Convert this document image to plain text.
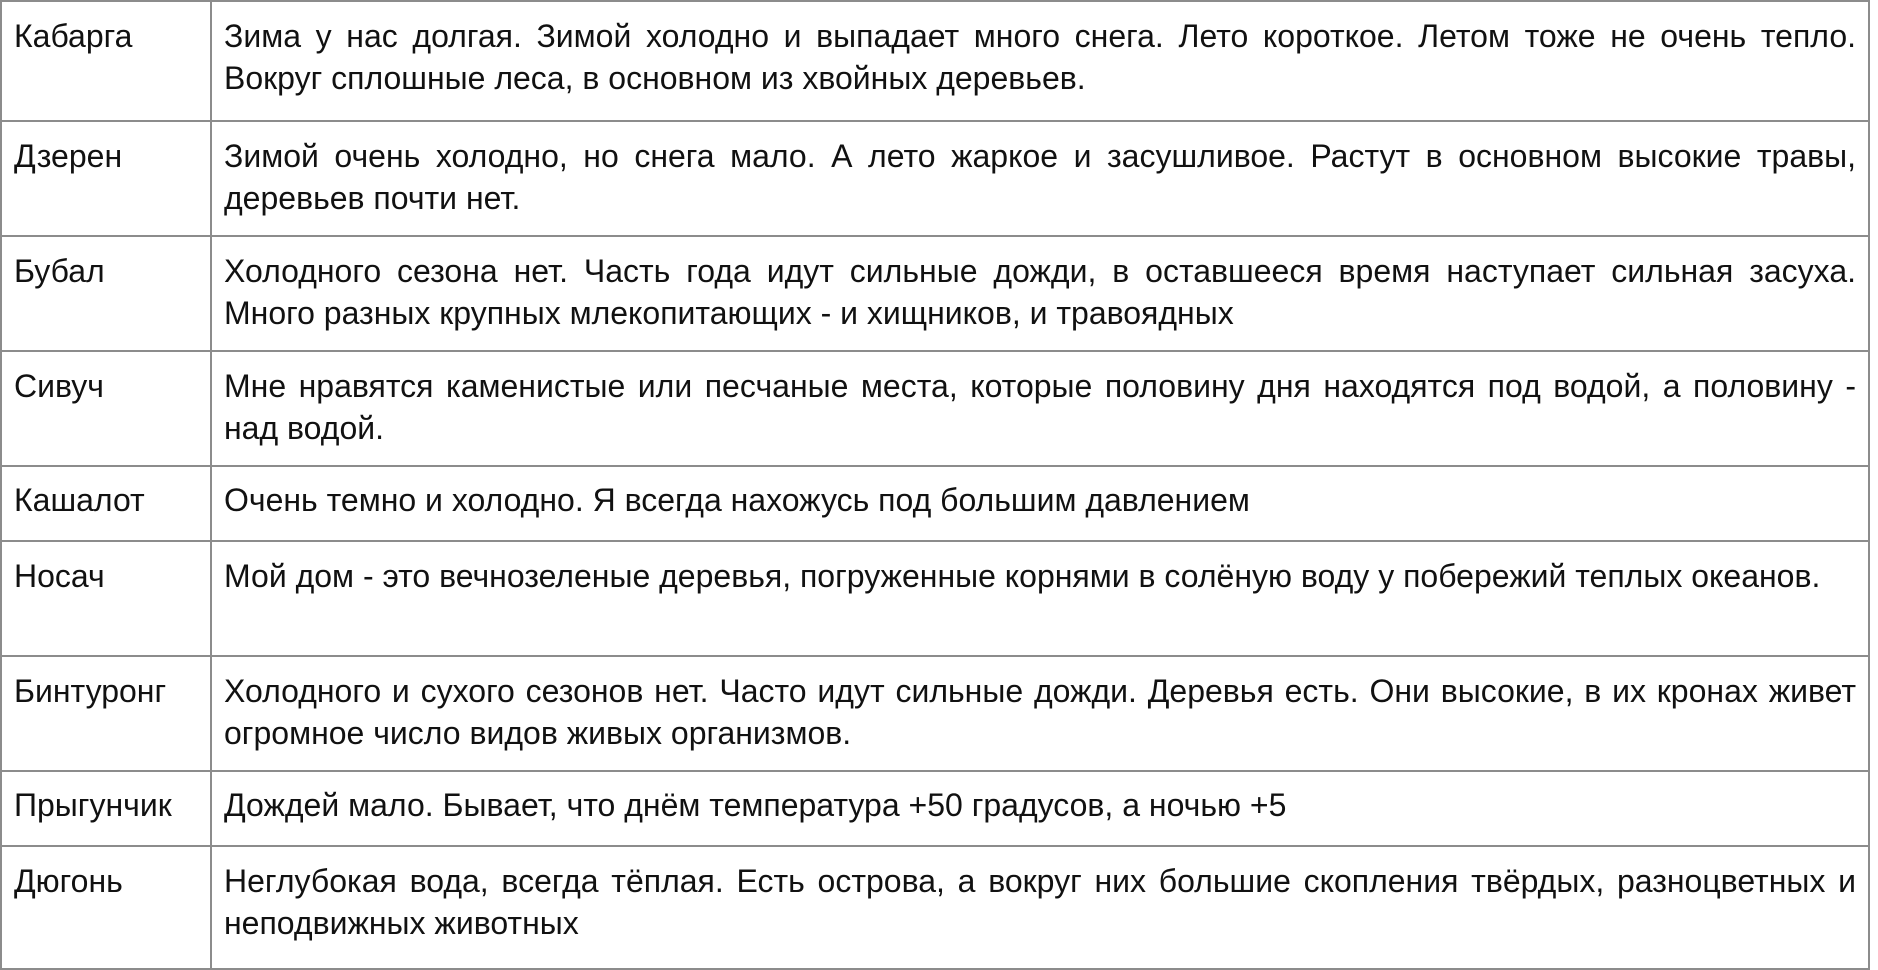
Кабарга	Зима у нас долгая. Зимой холодно и выпадает много снега. Лето короткое. Летом тоже не очень тепло. Вокруг сплошные леса, в основном из хвойных деревьев.
Дзерен	Зимой очень холодно, но снега мало. А лето жаркое и засушливое. Растут в основном высокие травы, деревьев почти нет.
Бубал	Холодного сезона нет. Часть года идут сильные дожди, в оставшееся время наступает сильная засуха. Много разных крупных млекопитающих - и хищников, и травоядных
Сивуч	Мне нравятся каменистые или песчаные места, которые половину дня находятся под водой, а половину - над водой.
Кашалот	Очень темно и холодно. Я всегда нахожусь под большим давлением
Носач	Мой дом - это вечнозеленые деревья, погруженные корнями в солёную воду у побережий теплых океанов.
Бинтуронг	Холодного и сухого сезонов нет. Часто идут сильные дожди. Деревья есть. Они высокие, в их кронах живет огромное число видов живых организмов.
Прыгунчик	Дождей мало. Бывает, что днём температура +50 градусов, а ночью +5
Дюгонь	Неглубокая вода, всегда тёплая. Есть острова, а вокруг них большие скопления твёрдых, разноцветных и неподвижных животных
